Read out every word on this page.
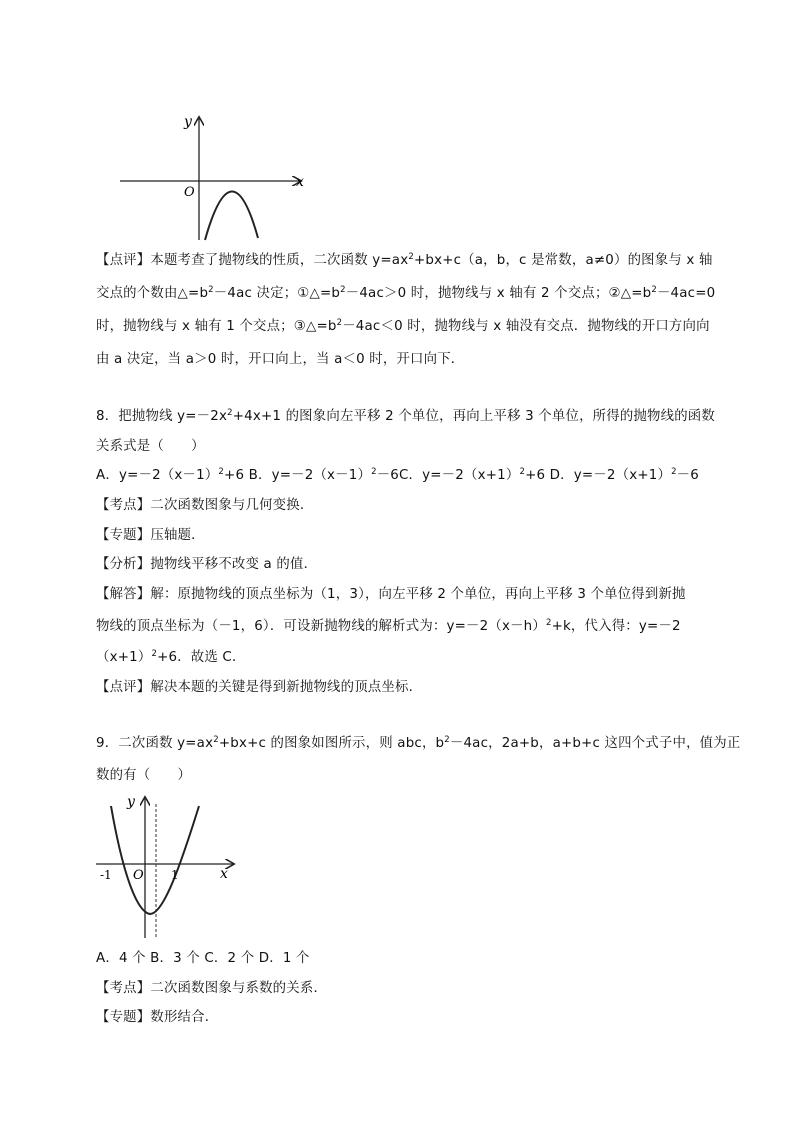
y
x
O
【点评】本题考查了抛物线的性质，二次函数 $y=ax^2+bx+c(a$，b，c 是常数，a≠0）的图象与 x 轴
交点的个数由$\triangle=b^2-4ac$ 决定；$①\triangle=b^2-4ac>0$ 时，抛物线与 x 轴有 2 个交点；$②\triangle=b^2-4ac=0$
时，抛物线与 x 轴有 1 个交点；$③\triangle=b^2-4ac<0$ 时，抛物线与 x 轴没有交点．抛物线的开口方向向
由 a 决定，当 a＞0 时，开口向上，当 a＜0 时，开口向下．
8．把抛物线 $y=-2x^2+4x+1$ 的图象向左平移 2 个单位，再向上平移 3 个单位，所得的抛物线的函数
关系式是（　　）
A．$y=-2(x-1)^2+6$ B．$y=-2(x-1)^2-6C$．$y=-2(x+1)^2+6$ D．$y=-2(x+1)^2-6$
【考点】二次函数图象与几何变换．
【专题】压轴题．
【分析】抛物线平移不改变 a 的值．
【解答】解：原抛物线的顶点坐标为（1，3），向左平移 2 个单位，再向上平移 3 个单位得到新抛
物线的顶点坐标为（－1，6）．可设新抛物线的解析式为：$y=-2(x-h)^2+k$，代入得：y=－2
$(x+1)^2+6$．故选 C．
【点评】解决本题的关键是得到新抛物线的顶点坐标．
9．二次函数 $y=ax^2+bx+c$ 的图象如图所示，则 abc，$b^2-4ac$，2a+b，a+b+c 这四个式子中，值为正
数的有（　　）
y
x
O
-1	1
A．4 个 B．3 个 C．2 个 D．1 个
【考点】二次函数图象与系数的关系．
【专题】数形结合．
